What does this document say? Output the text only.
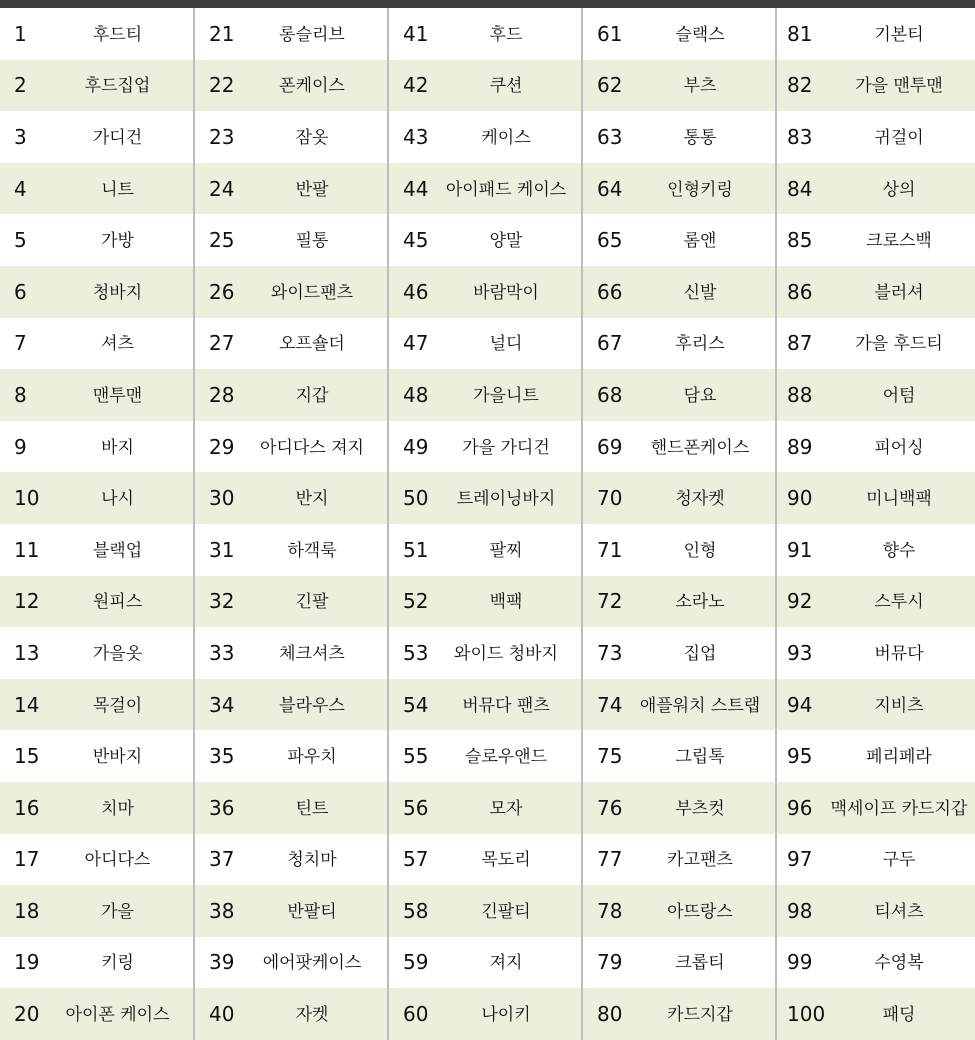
1	후드티
2	후드집업
3	가디건
4	니트
5	가방
6	청바지
7	셔츠
8	맨투맨
9	바지
10	나시
11	블랙업
12	원피스
13	가을옷
14	목걸이
15	반바지
16	치마
17	아디다스
18	가을
19	키링
20	아이폰 케이스
21	롱슬리브
22	폰케이스
23	잠옷
24	반팔
25	필통
26	와이드팬츠
27	오프숄더
28	지갑
29	아디다스 져지
30	반지
31	하객룩
32	긴팔
33	체크셔츠
34	블라우스
35	파우치
36	틴트
37	청치마
38	반팔티
39	에어팟케이스
40	자켓
41	후드
42	쿠션
43	케이스
44	아이패드 케이스
45	양말
46	바람막이
47	널디
48	가을니트
49	가을 가디건
50	트레이닝바지
51	팔찌
52	백팩
53	와이드 청바지
54	버뮤다 팬츠
55	슬로우앤드
56	모자
57	목도리
58	긴팔티
59	져지
60	나이키
61	슬랙스
62	부츠
63	통통
64	인형키링
65	롬앤
66	신발
67	후리스
68	담요
69	핸드폰케이스
70	청자켓
71	인형
72	소라노
73	집업
74	애플워치 스트랩
75	그립톡
76	부츠컷
77	카고팬츠
78	아뜨랑스
79	크롭티
80	카드지갑
81	기본티
82	가을 맨투맨
83	귀걸이
84	상의
85	크로스백
86	블러셔
87	가을 후드티
88	어텀
89	피어싱
90	미니백팩
91	향수
92	스투시
93	버뮤다
94	지비츠
95	페리페라
96	맥세이프 카드지갑
97	구두
98	티셔츠
99	수영복
100	패딩
